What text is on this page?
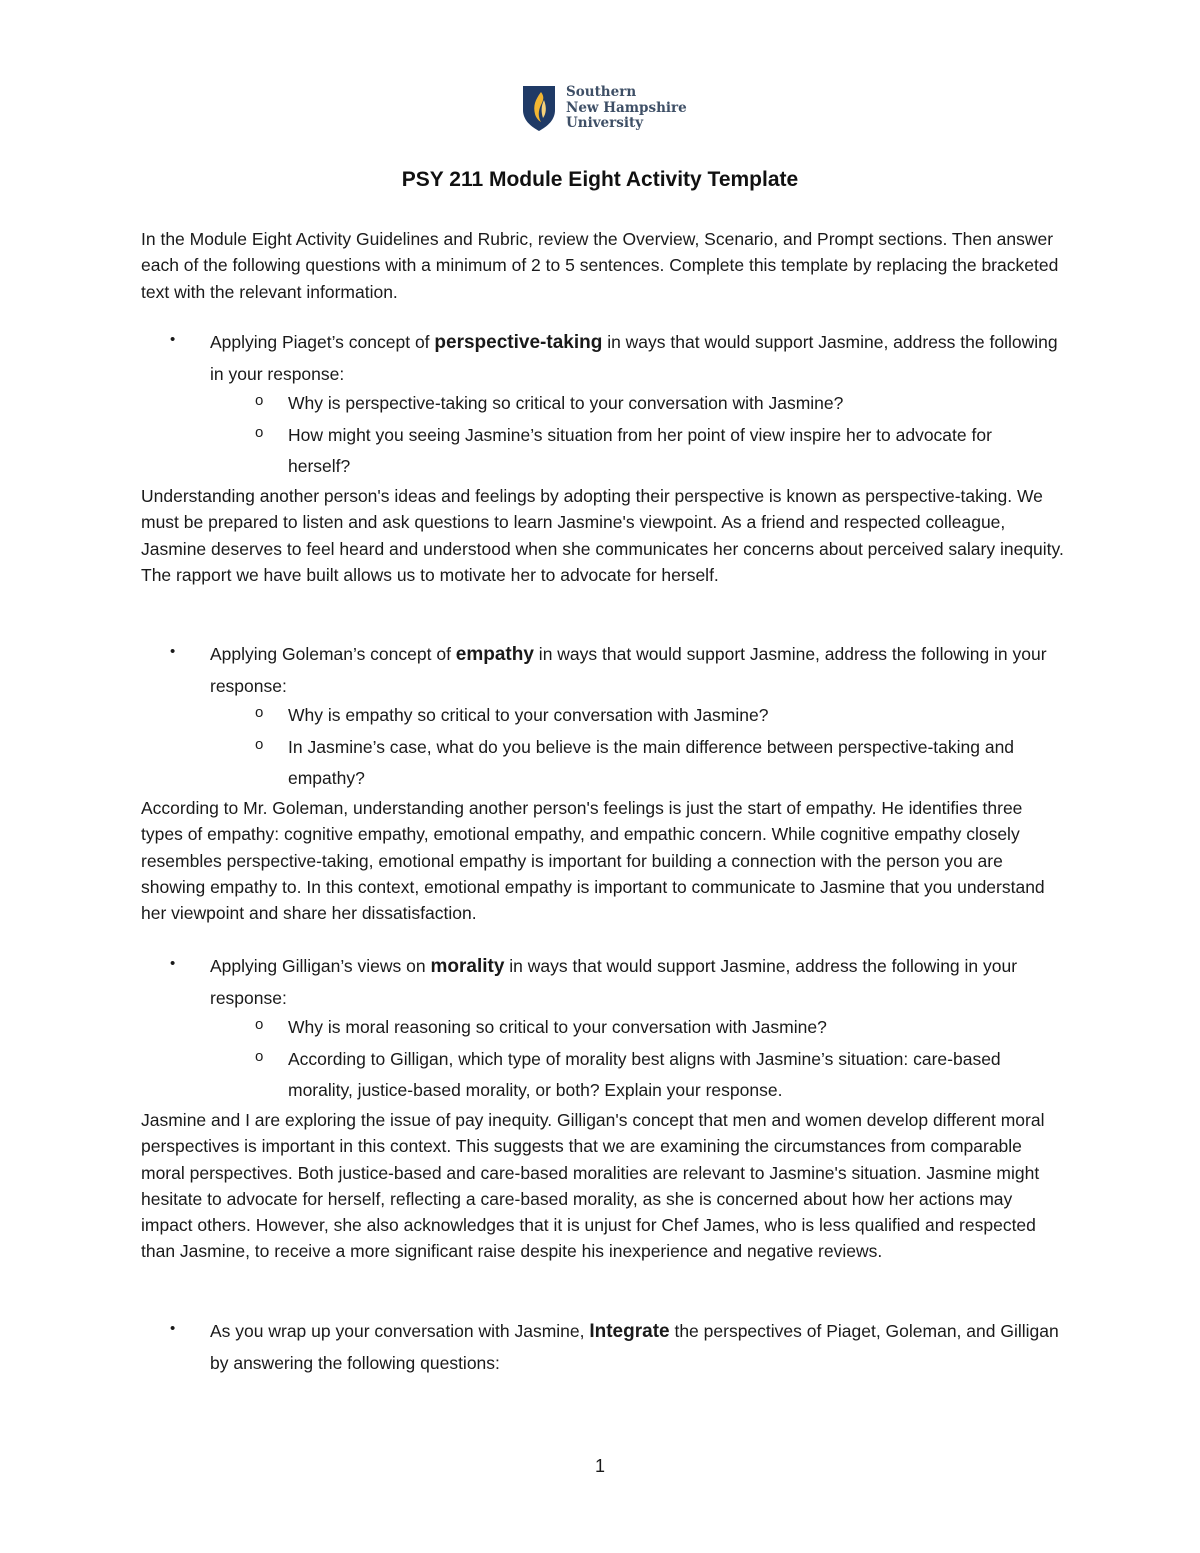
Southern
New Hampshire
University
PSY 211 Module Eight Activity Template
In the Module Eight Activity Guidelines and Rubric, review the Overview, Scenario, and Prompt sections. Then answer each of the following questions with a minimum of 2 to 5 sentences. Complete this template by replacing the bracketed text with the relevant information.
• Applying Piaget’s concept of perspective-taking in ways that would support Jasmine, address the following in your response:
o Why is perspective-taking so critical to your conversation with Jasmine?
o How might you seeing Jasmine’s situation from her point of view inspire her to advocate for herself?
Understanding another person's ideas and feelings by adopting their perspective is known as perspective-taking. We must be prepared to listen and ask questions to learn Jasmine's viewpoint. As a friend and respected colleague, Jasmine deserves to feel heard and understood when she communicates her concerns about perceived salary inequity. The rapport we have built allows us to motivate her to advocate for herself.
• Applying Goleman’s concept of empathy in ways that would support Jasmine, address the following in your response:
o Why is empathy so critical to your conversation with Jasmine?
o In Jasmine’s case, what do you believe is the main difference between perspective-taking and empathy?
According to Mr. Goleman, understanding another person's feelings is just the start of empathy. He identifies three types of empathy: cognitive empathy, emotional empathy, and empathic concern. While cognitive empathy closely resembles perspective-taking, emotional empathy is important for building a connection with the person you are showing empathy to. In this context, emotional empathy is important to communicate to Jasmine that you understand her viewpoint and share her dissatisfaction.
• Applying Gilligan’s views on morality in ways that would support Jasmine, address the following in your response:
o Why is moral reasoning so critical to your conversation with Jasmine?
o According to Gilligan, which type of morality best aligns with Jasmine’s situation: care-based morality, justice-based morality, or both? Explain your response.
Jasmine and I are exploring the issue of pay inequity. Gilligan's concept that men and women develop different moral perspectives is important in this context. This suggests that we are examining the circumstances from comparable moral perspectives. Both justice-based and care-based moralities are relevant to Jasmine's situation. Jasmine might hesitate to advocate for herself, reflecting a care-based morality, as she is concerned about how her actions may impact others. However, she also acknowledges that it is unjust for Chef James, who is less qualified and respected than Jasmine, to receive a more significant raise despite his inexperience and negative reviews.
• As you wrap up your conversation with Jasmine, Integrate the perspectives of Piaget, Goleman, and Gilligan by answering the following questions:
1
